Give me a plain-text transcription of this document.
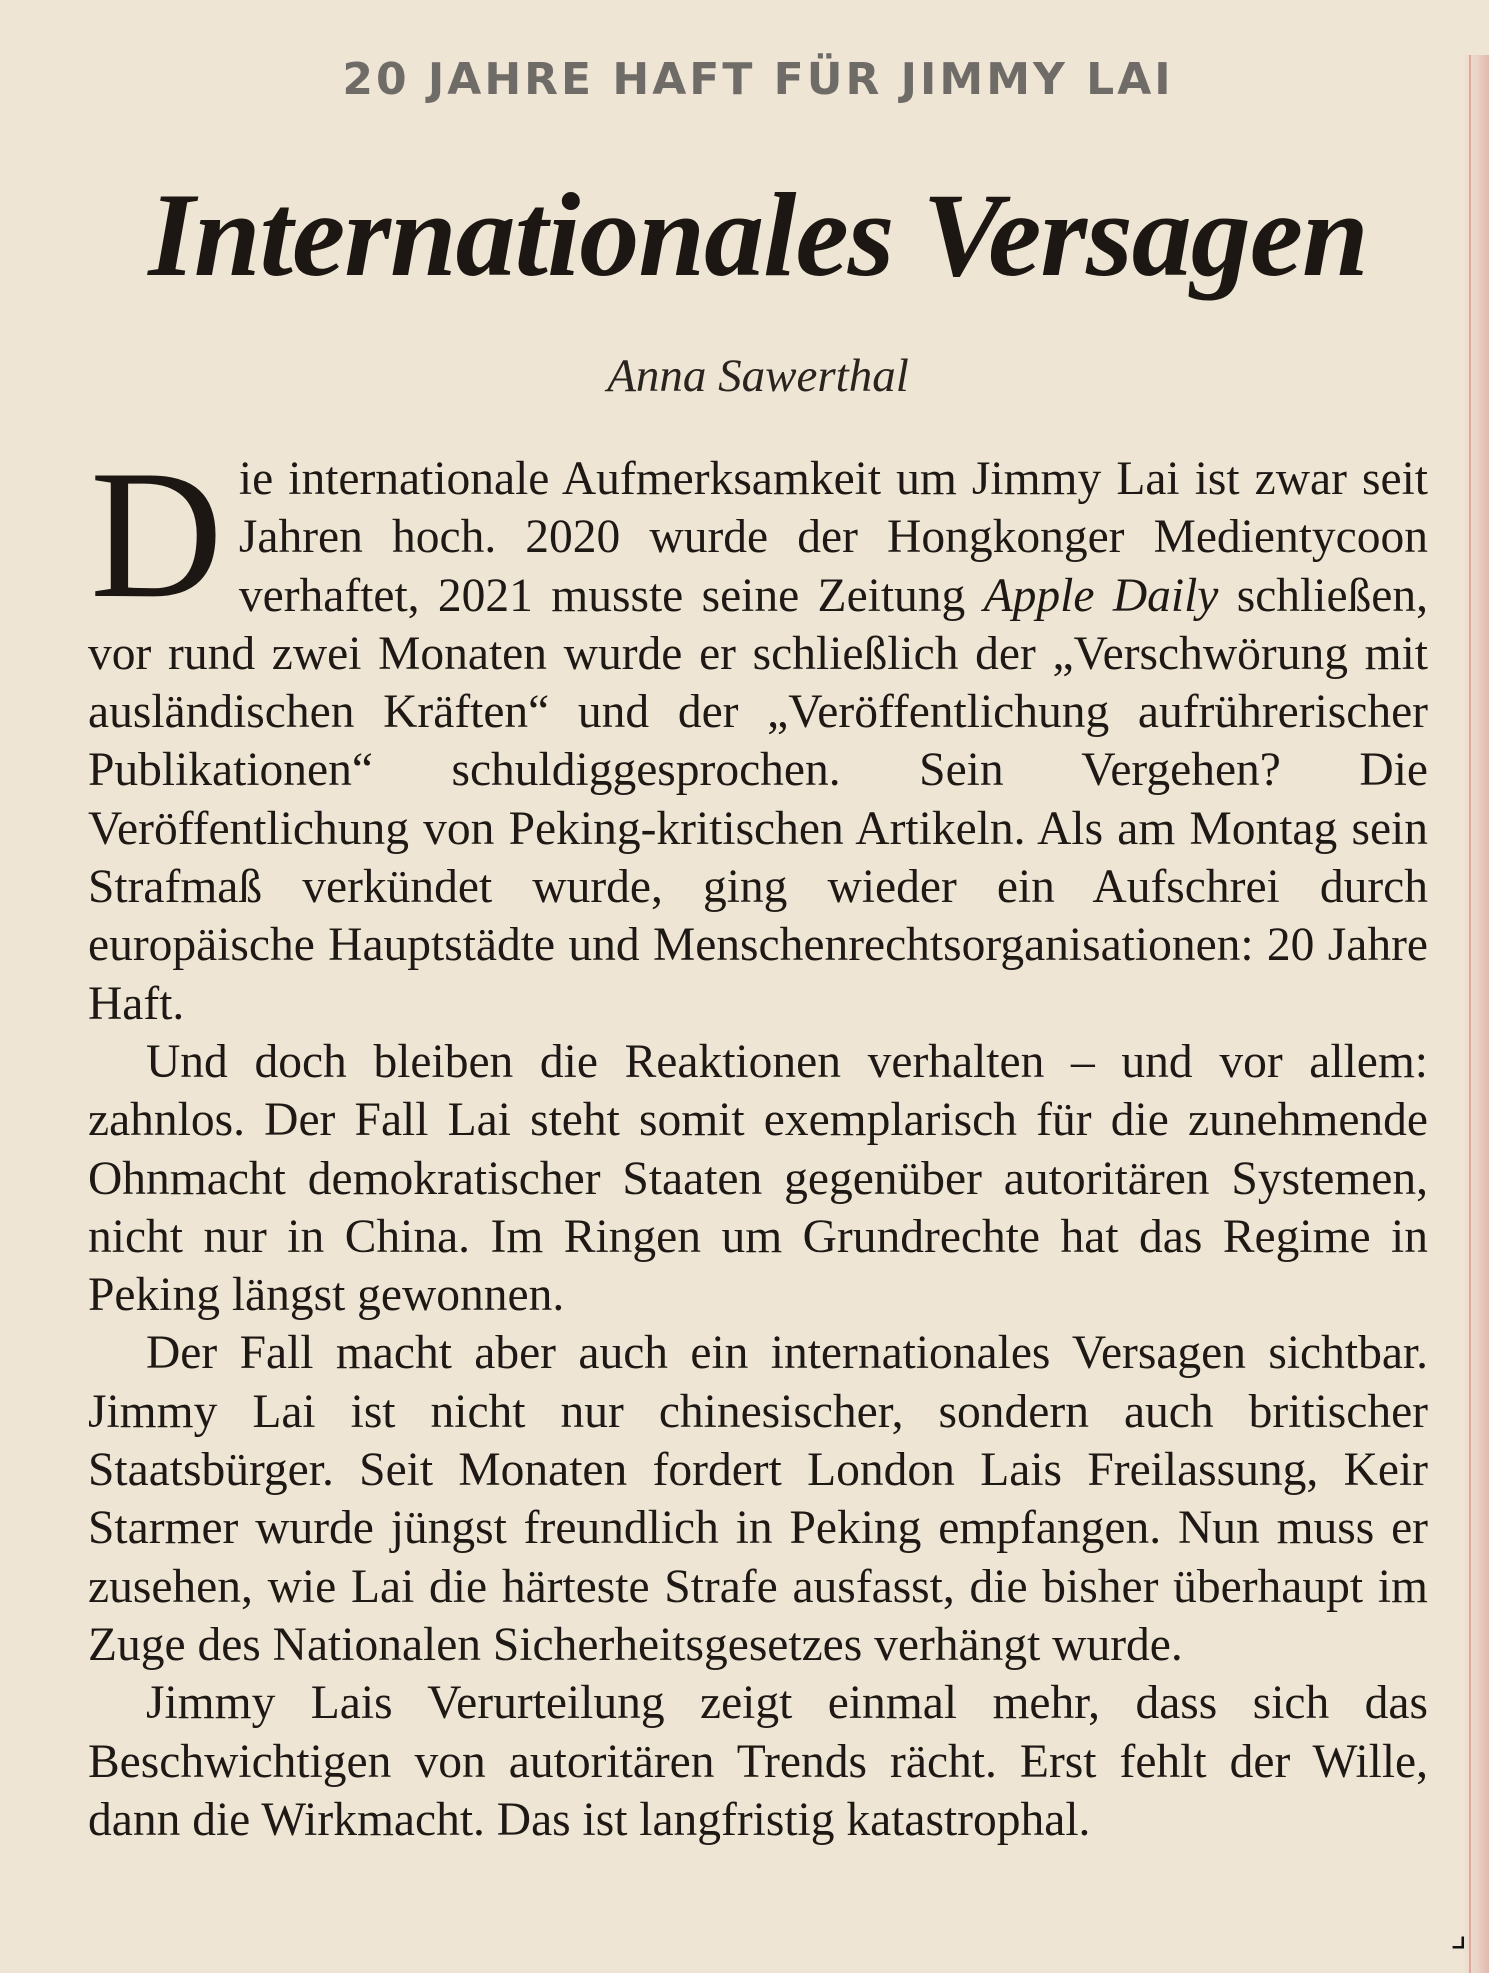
20 JAHRE HAFT FÜR JIMMY LAI
Internationales Versagen
Anna Sawerthal

Die internationale Aufmerksamkeit um Jimmy Lai ist zwar seit Jahren hoch. 2020 wurde der Hongkonger Medientycoon verhaftet, 2021 musste seine Zeitung Apple Daily schließen, vor rund zwei Monaten wurde er schließlich der „Verschwörung mit ausländischen Kräften“ und der „Veröffentlichung aufrührerischer Publikationen“ schuldiggesprochen. Sein Vergehen? Die Veröffentlichung von Peking-kritischen Artikeln. Als am Montag sein Strafmaß verkündet wurde, ging wieder ein Aufschrei durch europäische Hauptstädte und Menschenrechtsorganisationen: 20 Jahre Haft.

Und doch bleiben die Reaktionen verhalten – und vor allem: zahnlos. Der Fall Lai steht somit exemplarisch für die zunehmende Ohnmacht demokratischer Staaten gegenüber autoritären Systemen, nicht nur in China. Im Ringen um Grundrechte hat das Regime in Peking längst gewonnen.

Der Fall macht aber auch ein internationales Versagen sichtbar. Jimmy Lai ist nicht nur chinesischer, sondern auch britischer Staatsbürger. Seit Monaten fordert London Lais Freilassung, Keir Starmer wurde jüngst freundlich in Peking empfangen. Nun muss er zusehen, wie Lai die härteste Strafe ausfasst, die bisher überhaupt im Zuge des Nationalen Sicherheitsgesetzes verhängt wurde.

Jimmy Lais Verurteilung zeigt einmal mehr, dass sich das Beschwichtigen von autoritären Trends rächt. Erst fehlt der Wille, dann die Wirkmacht. Das ist langfristig katastrophal.

⌟
